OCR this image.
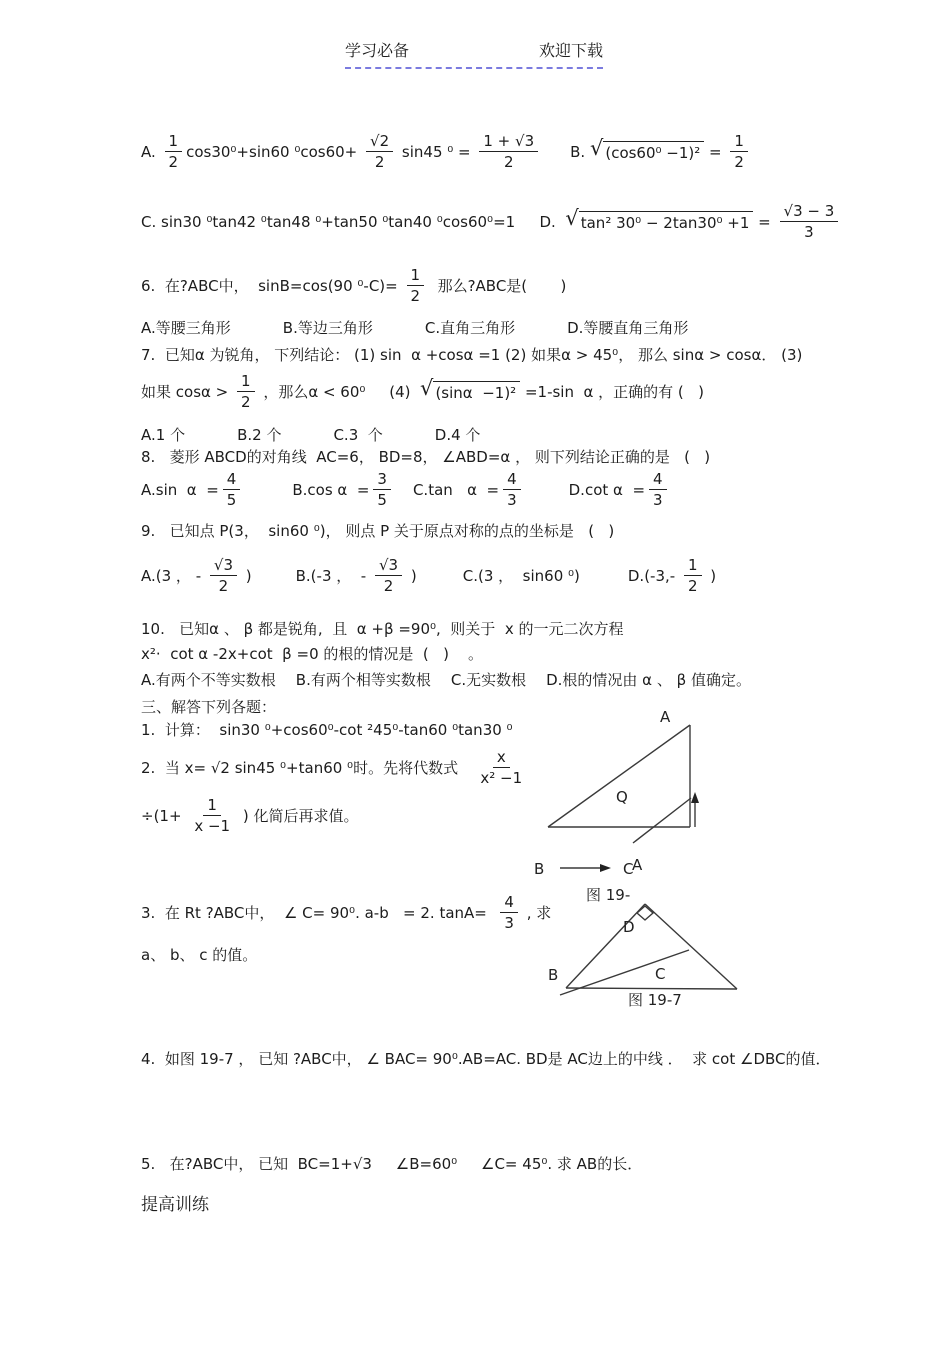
学习必备	欢迎下载
A. $\frac{1}{2} \cos 30^0+\sin 60$ $^0\cos 60+ \frac{√2}{2} \sin 45$ $^0 = \frac{1 + √3}{2} B$. √ $(\cos 60^0 -1)^2 = \frac{1}{2}$
C. sin30 ⁰tan42 ⁰tan48 ⁰+tan50 ⁰tan40 ⁰cos60⁰=1 D. √ tan² $30^0 - 2\tan 30^0 +1 = \frac{√3 - 3}{3}$
6.  在?ABC中，  sinB=cos(90 $^0-C)= \frac{1}{2}$ 那么?ABC是(       )
A.等腰三角形	B.等边三角形	C.直角三角形	D.等腰直角三角形
7.  已知α 为锐角， 下列结论： (1) sin  α +cosα =1 (2) 如果α > 45⁰， 那么 sinα > cosα． (3)
如果 $\cos\alpha > \frac{1}{2}$ ，那么α < 60⁰     (4) √ (sinα  −1)² =1-sin  α ，正确的有 (   )
A.1 个	B.2 个	C.3  个	D.4 个
8.   菱形 ABCD的对角线  AC=6， BD=8， ∠ABD=α ， 则下列结论正确的是   (   )
A.sin  $\alpha = \frac{4}{5}$	B.cos $\alpha = \frac{3}{5} C.\tan$   $\alpha = \frac{4}{3}$	D.cot $\alpha = \frac{4}{3}$
9.   已知点 P(3，  sin60 ⁰)， 则点 P 关于原点对称的点的坐标是   (   )
A.(3 ， - $\frac{√3}{2}$ )	B.(-3 ，  - $\frac{√3}{2}$ )	C.(3 ，  sin60 ⁰)	$D.(-3,- \frac{1}{2}$ )
10.   已知α 、 β 都是锐角,  且  α +β =90⁰,  则关于  x 的一元二次方程
x²·  cot α -2x+cot  β =0 的根的情况是  (   )    。
A.有两个不等实数根 B.有两个相等实数根 C.无实数根 D.根的情况由 α 、 β 值确定。
三、解答下列各题：
1.  计算：  sin30 ⁰+cos60⁰-cot ²45⁰-tan60 ⁰tan30 ⁰
2.  当 x= √2 sin45 ⁰+tan60 ⁰时。先将代数式 $\frac{x}{\text{x² −1}}$
$\div(1+ \frac{1}{x -1}$ ) 化简后再求值。
3.  在 Rt ?ABC中，  ∠ C= 90⁰. a-b   = 2. $\tan A= \frac{4}{3}$ , 求
a、 b、 c 的值。
4.  如图 19-7 ， 已知 ?ABC中， ∠ BAC= 90⁰.AB=AC. BD是 AC边上的中线 ．  求 cot ∠DBC的值．
5.   在?ABC中， 已知  BC=1+√3     ∠B=60⁰     ∠C= 45⁰. 求 AB的长．
提高训练
A
Q
B	C
A
图 19-
D
B	C
图 19-7
